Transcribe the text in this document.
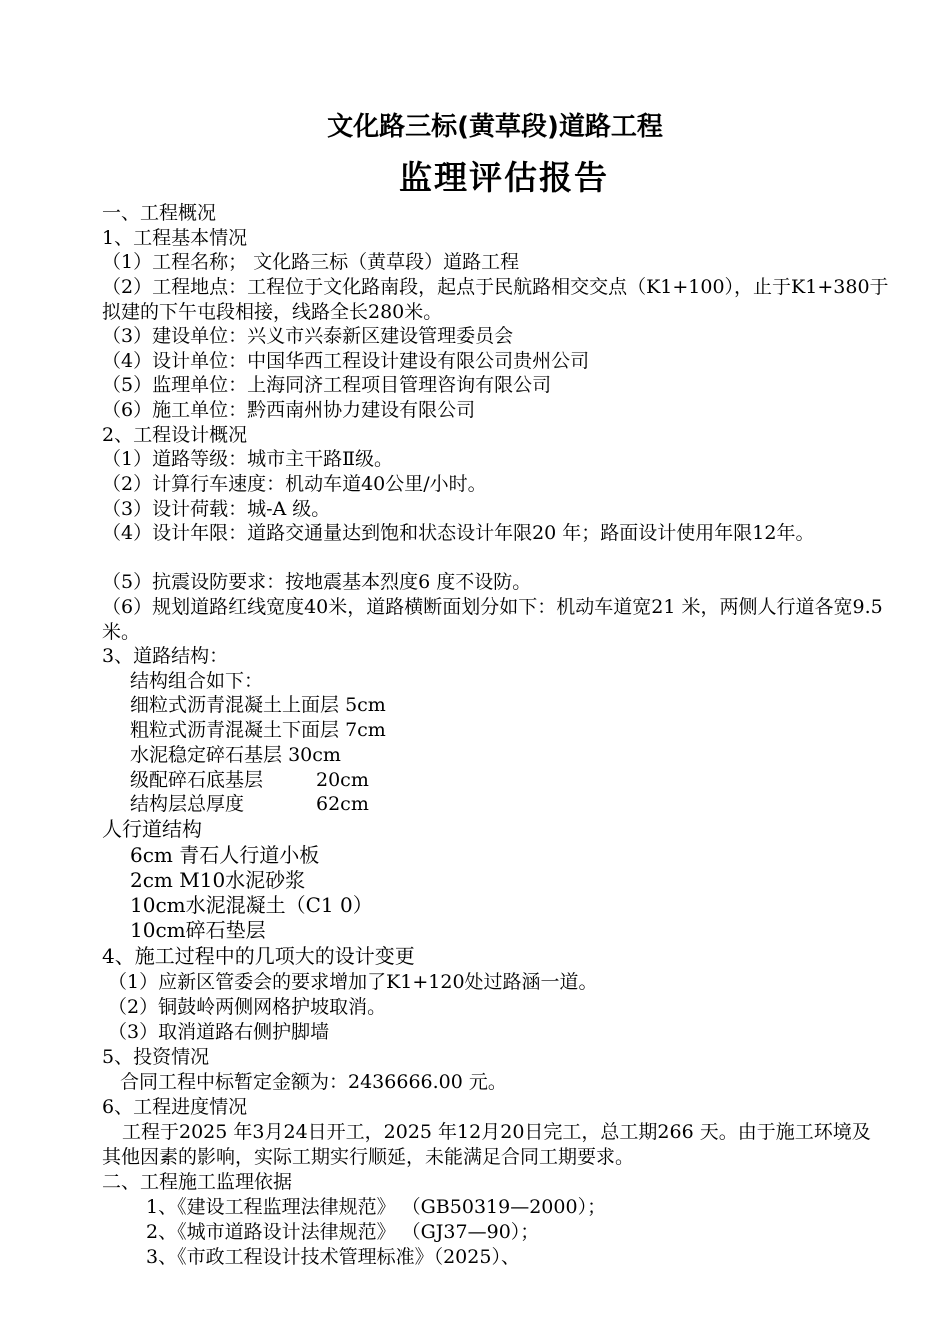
文化路三标(黄草段)道路工程
监理评估报告
一、工程概况
1、工程基本情况
（1）工程名称； 文化路三标（黄草段）道路工程
（2）工程地点：工程位于文化路南段，起点于民航路相交交点（K1+100），止于K1+380于拟建的下午屯段相接，线路全长280米。
（3）建设单位：兴义市兴泰新区建设管理委员会
（4）设计单位：中国华西工程设计建设有限公司贵州公司
（5）监理单位：上海同济工程项目管理咨询有限公司
（6）施工单位：黔西南州协力建设有限公司
2、工程设计概况
（1）道路等级：城市主干路Ⅱ级。
（2）计算行车速度：机动车道40公里/小时。
（3）设计荷载：城-A 级。
（4）设计年限：道路交通量达到饱和状态设计年限20 年；路面设计使用年限12年。
（5）抗震设防要求：按地震基本烈度6 度不设防。
（6）规划道路红线宽度40米，道路横断面划分如下：机动车道宽21 米，两侧人行道各宽9.5 米。
3、道路结构：
结构组合如下：
细粒式沥青混凝土上面层 5cm
粗粒式沥青混凝土下面层 7cm
水泥稳定碎石基层 30cm
级配碎石底基层	20cm
结构层总厚度	62cm
人行道结构
6cm 青石人行道小板
2cm M10水泥砂浆
10cm水泥混凝土（C1 0）
10cm碎石垫层
4、施工过程中的几项大的设计变更
（1）应新区管委会的要求增加了K1+120处过路涵一道。
（2）铜鼓岭两侧网格护坡取消。
（3）取消道路右侧护脚墙
5、投资情况
合同工程中标暂定金额为：2436666.00 元。
6、工程进度情况
工程于2025 年3月24日开工，2025 年12月20日完工，总工期266 天。由于施工环境及其他因素的影响，实际工期实行顺延，未能满足合同工期要求。
二、工程施工监理依据
1、《建设工程监理法律规范》 （GB50319—2000）；
2、《城市道路设计法律规范》 （GJ37—90）；
3、《市政工程设计技术管理标准》（2025）、
